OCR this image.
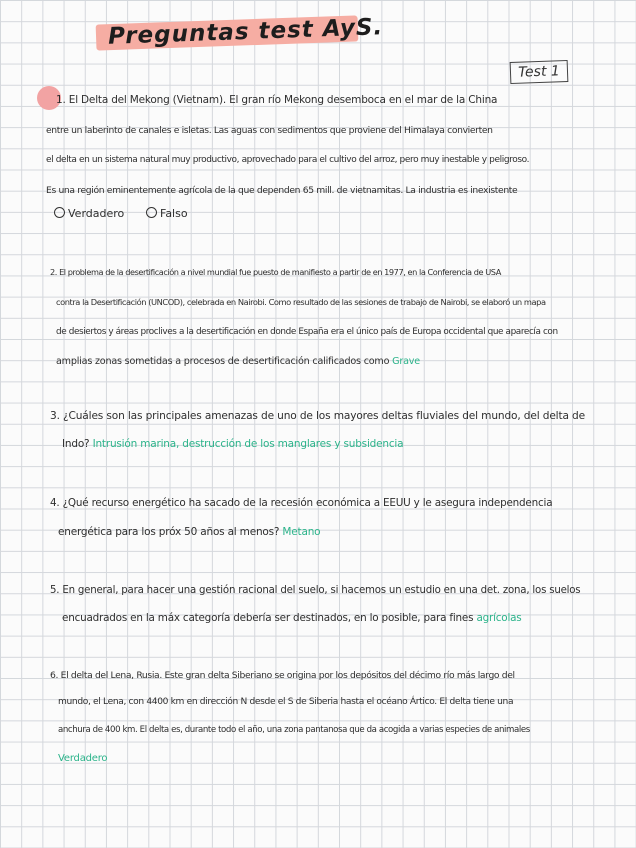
Preguntas test AyS.
Test 1
1. El Delta del Mekong (Vietnam). El gran río Mekong desemboca en el mar de la China
entre un laberinto de canales e isletas. Las aguas con sedimentos que proviene del Himalaya convierten
el delta en un sistema natural muy productivo, aprovechado para el cultivo del arroz, pero muy inestable y peligroso.
Es una región eminentemente agrícola de la que dependen 65 mill. de vietnamitas. La industria es inexistente
Verdadero	Falso
2. El problema de la desertificación a nivel mundial fue puesto de manifiesto a partir de en 1977, en la Conferencia de USA
contra la Desertificación (UNCOD), celebrada en Nairobi. Como resultado de las sesiones de trabajo de Nairobi, se elaboró un mapa
de desiertos y áreas proclives a la desertificación en donde España era el único país de Europa occidental que aparecía con
amplias zonas sometidas a procesos de desertificación calificados como Grave
3. ¿Cuáles son las principales amenazas de uno de los mayores deltas fluviales del mundo, del delta de
Indo? Intrusión marina, destrucción de los manglares y subsidencia
4. ¿Qué recurso energético ha sacado de la recesión económica a EEUU y le asegura independencia
energética para los próx 50 años al menos? Metano
5. En general, para hacer una gestión racional del suelo, si hacemos un estudio en una det. zona, los suelos
encuadrados en la máx categoría debería ser destinados, en lo posible, para fines agrícolas
6. El delta del Lena, Rusia. Este gran delta Siberiano se origina por los depósitos del décimo río más largo del
mundo, el Lena, con 4400 km en dirección N desde el S de Siberia hasta el océano Ártico. El delta tiene una
anchura de 400 km. El delta es, durante todo el año, una zona pantanosa que da acogida a varias especies de animales
Verdadero
